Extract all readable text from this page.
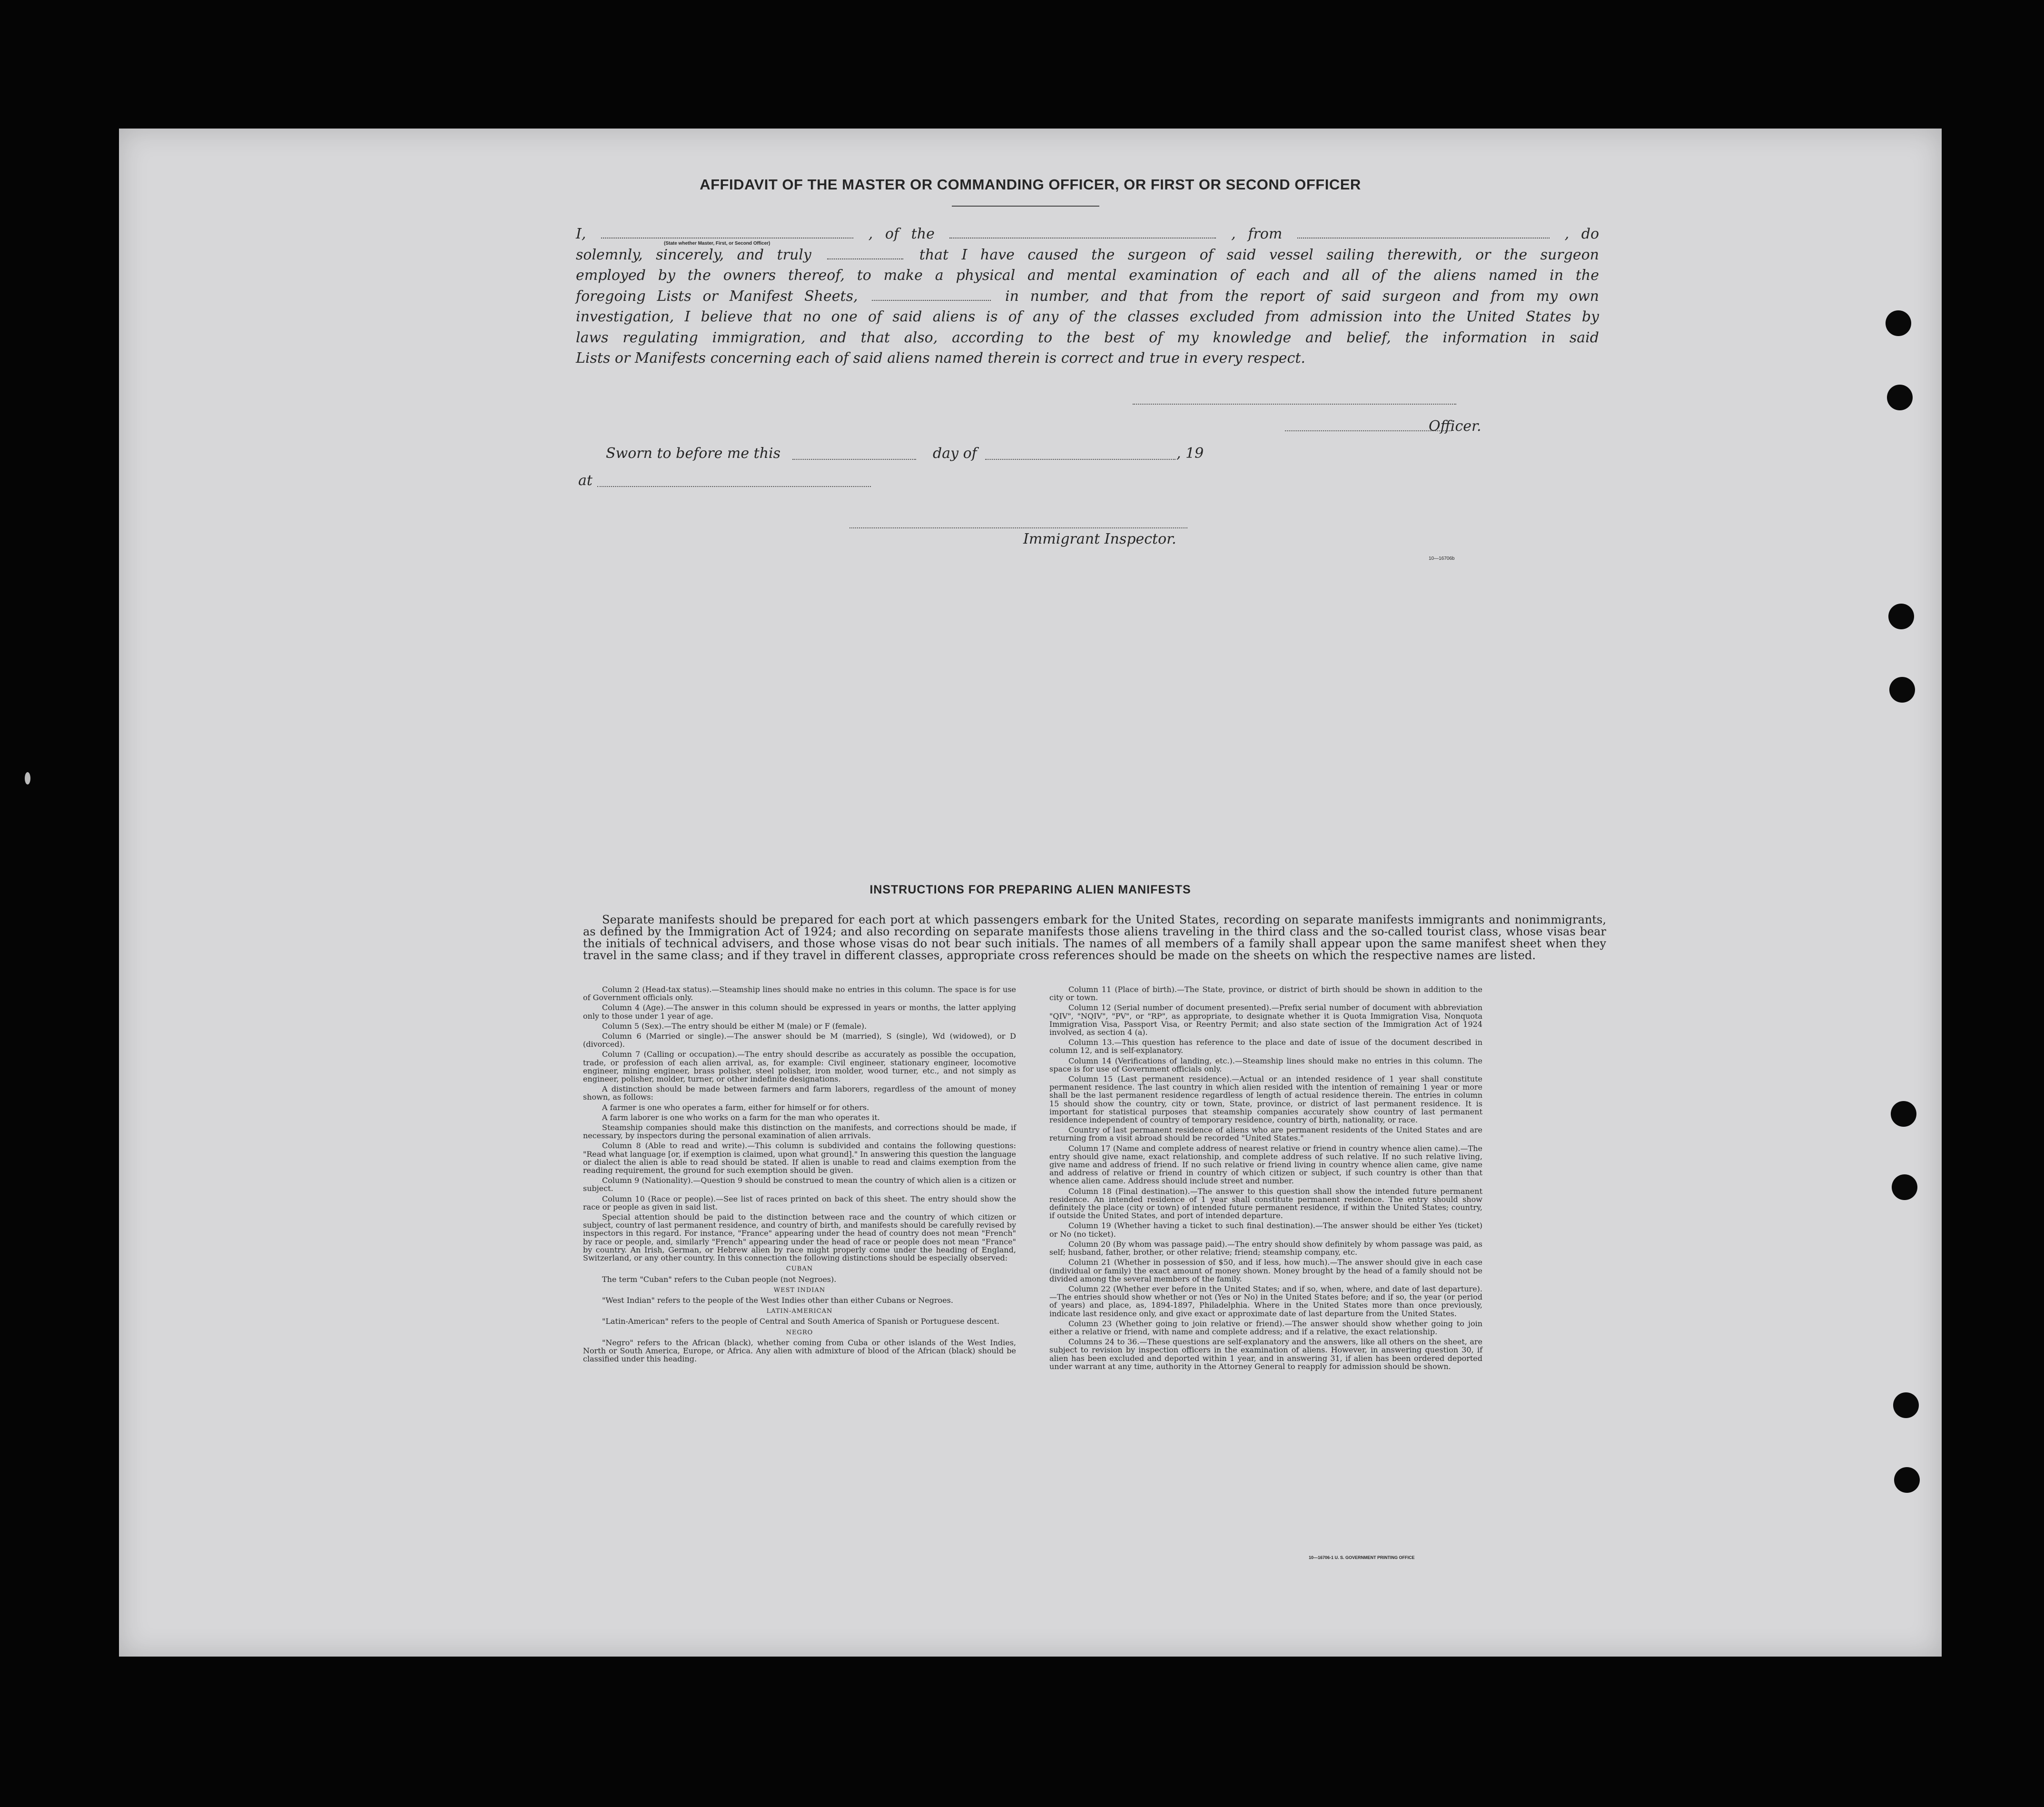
AFFIDAVIT OF THE MASTER OR COMMANDING OFFICER, OR FIRST OR SECOND OFFICER
(State whether Master, First, or Second Officer)
I,	, of the	, from	, do
solemnly, sincerely, and truly	that I have caused the surgeon of said vessel sailing therewith, or the surgeon
employed by the owners thereof, to make a physical and mental examination of each and all of the aliens named in the
foregoing Lists or Manifest Sheets,	in number, and that from the report of said surgeon and from my own
investigation, I believe that no one of said aliens is of any of the classes excluded from admission into the United States by
laws regulating immigration, and that also, according to the best of my knowledge and belief, the information in said
Lists or Manifests concerning each of said aliens named therein is correct and true in every respect.
Officer.
Sworn to before me this	day of	, 19
at
Immigrant Inspector.
10—16706b
INSTRUCTIONS FOR PREPARING ALIEN MANIFESTS
Separate manifests should be prepared for each port at which passengers embark for the United States, recording on separate manifests immigrants and nonimmigrants, as defined by the Immigration Act of 1924; and also recording on separate manifests those aliens traveling in the third class and the so-called tourist class, whose visas bear the initials of technical advisers, and those whose visas do not bear such initials. The names of all members of a family shall appear upon the same manifest sheet when they travel in the same class; and if they travel in different classes, appropriate cross references should be made on the sheets on which the respective names are listed.

Column 2 (Head-tax status).—Steamship lines should make no entries in this column. The space is for use of Government officials only.

Column 4 (Age).—The answer in this column should be expressed in years or months, the latter applying only to those under 1 year of age.

Column 5 (Sex).—The entry should be either M (male) or F (female).

Column 6 (Married or single).—The answer should be M (married), S (single), Wd (widowed), or D (divorced).

Column 7 (Calling or occupation).—The entry should describe as accurately as possible the occupation, trade, or profession of each alien arrival, as, for example: Civil engineer, stationary engineer, locomotive engineer, mining engineer, brass polisher, steel polisher, iron molder, wood turner, etc., and not simply as engineer, polisher, molder, turner, or other indefinite designations.

A distinction should be made between farmers and farm laborers, regardless of the amount of money shown, as follows:

A farmer is one who operates a farm, either for himself or for others.

A farm laborer is one who works on a farm for the man who operates it.

Steamship companies should make this distinction on the manifests, and corrections should be made, if necessary, by inspectors during the personal examination of alien arrivals.

Column 8 (Able to read and write).—This column is subdivided and contains the following questions: "Read what language [or, if exemption is claimed, upon what ground]." In answering this question the language or dialect the alien is able to read should be stated. If alien is unable to read and claims exemption from the reading requirement, the ground for such exemption should be given.

Column 9 (Nationality).—Question 9 should be construed to mean the country of which alien is a citizen or subject.

Column 10 (Race or people).—See list of races printed on back of this sheet. The entry should show the race or people as given in said list.

Special attention should be paid to the distinction between race and the country of which citizen or subject, country of last permanent residence, and country of birth, and manifests should be carefully revised by inspectors in this regard. For instance, "France" appearing under the head of country does not mean "French" by race or people, and, similarly "French" appearing under the head of race or people does not mean "France" by country. An Irish, German, or Hebrew alien by race might properly come under the heading of England, Switzerland, or any other country. In this connection the following distinctions should be especially observed:

CUBAN

The term "Cuban" refers to the Cuban people (not Negroes).

WEST INDIAN

"West Indian" refers to the people of the West Indies other than either Cubans or Negroes.

LATIN-AMERICAN

"Latin-American" refers to the people of Central and South America of Spanish or Portuguese descent.

NEGRO

"Negro" refers to the African (black), whether coming from Cuba or other islands of the West Indies, North or South America, Europe, or Africa. Any alien with admixture of blood of the African (black) should be classified under this heading.

Column 11 (Place of birth).—The State, province, or district of birth should be shown in addition to the city or town.

Column 12 (Serial number of document presented).—Prefix serial number of document with abbreviation "QIV", "NQIV", "PV", or "RP", as appropriate, to designate whether it is Quota Immigration Visa, Nonquota Immigration Visa, Passport Visa, or Reentry Permit; and also state section of the Immigration Act of 1924 involved, as section 4 (a).

Column 13.—This question has reference to the place and date of issue of the document described in column 12, and is self-explanatory.

Column 14 (Verifications of landing, etc.).—Steamship lines should make no entries in this column. The space is for use of Government officials only.

Column 15 (Last permanent residence).—Actual or an intended residence of 1 year shall constitute permanent residence. The last country in which alien resided with the intention of remaining 1 year or more shall be the last permanent residence regardless of length of actual residence therein. The entries in column 15 should show the country, city or town, State, province, or district of last permanent residence. It is important for statistical purposes that steamship companies accurately show country of last permanent residence independent of country of temporary residence, country of birth, nationality, or race.

Country of last permanent residence of aliens who are permanent residents of the United States and are returning from a visit abroad should be recorded "United States."

Column 17 (Name and complete address of nearest relative or friend in country whence alien came).—The entry should give name, exact relationship, and complete address of such relative. If no such relative living, give name and address of friend. If no such relative or friend living in country whence alien came, give name and address of relative or friend in country of which citizen or subject, if such country is other than that whence alien came. Address should include street and number.

Column 18 (Final destination).—The answer to this question shall show the intended future permanent residence. An intended residence of 1 year shall constitute permanent residence. The entry should show definitely the place (city or town) of intended future permanent residence, if within the United States; country, if outside the United States, and port of intended departure.

Column 19 (Whether having a ticket to such final destination).—The answer should be either Yes (ticket) or No (no ticket).

Column 20 (By whom was passage paid).—The entry should show definitely by whom passage was paid, as self; husband, father, brother, or other relative; friend; steamship company, etc.

Column 21 (Whether in possession of $50, and if less, how much).—The answer should give in each case (individual or family) the exact amount of money shown. Money brought by the head of a family should not be divided among the several members of the family.

Column 22 (Whether ever before in the United States; and if so, when, where, and date of last departure).—The entries should show whether or not (Yes or No) in the United States before; and if so, the year (or period of years) and place, as, 1894-1897, Philadelphia. Where in the United States more than once previously, indicate last residence only, and give exact or approximate date of last departure from the United States.

Column 23 (Whether going to join relative or friend).—The answer should show whether going to join either a relative or friend, with name and complete address; and if a relative, the exact relationship.

Columns 24 to 36.—These questions are self-explanatory and the answers, like all others on the sheet, are subject to revision by inspection officers in the examination of aliens. However, in answering question 30, if alien has been excluded and deported within 1 year, and in answering 31, if alien has been ordered deported under warrant at any time, authority in the Attorney General to reapply for admission should be shown.

10—16706-1 U. S. GOVERNMENT PRINTING OFFICE
